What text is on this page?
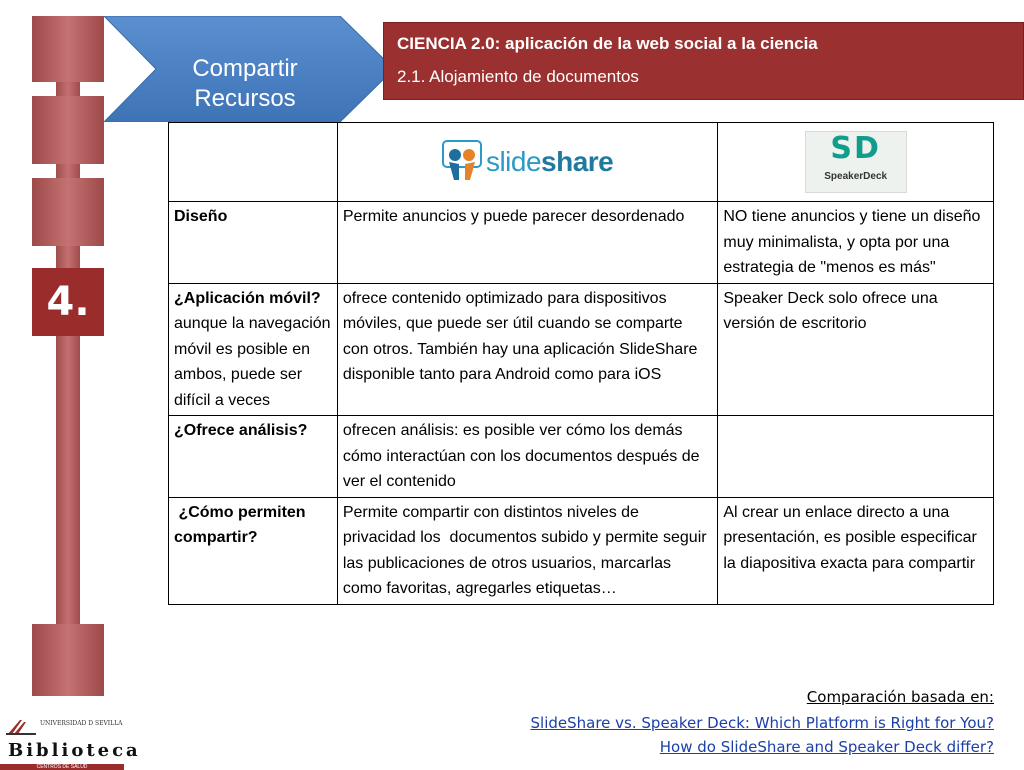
4.
Compartir
Recursos
CIENCIA 2.0: aplicación de la web social a la ciencia
2.1. Alojamiento de documentos

	slideshare	SD
SpeakerDeck

Diseño	Permite anuncios y puede parecer desordenado	NO tiene anuncios y tiene un diseño muy minimalista, y opta por una estrategia de "menos es más"

¿Aplicación móvil?
aunque la navegación móvil es posible en ambos, puede ser difícil a veces	ofrece contenido optimizado para dispositivos móviles, que puede ser útil cuando se comparte con otros. También hay una aplicación SlideShare disponible tanto para Android como para iOS	Speaker Deck solo ofrece una versión de escritorio
¿Ofrece análisis?	ofrecen análisis: es posible ver cómo los demás cómo interactúan con los documentos después de ver el contenido	
¿Cómo permiten compartir?	Permite compartir con distintos niveles de privacidad los  documentos subido y permite seguir las publicaciones de otros usuarios, marcarlas como favoritas, agregarles etiquetas…	Al crear un enlace directo a una presentación, es posible especificar la diapositiva exacta para compartir
Comparación basada en:
SlideShare vs. Speaker Deck: Which Platform is Right for You?
How do SlideShare and Speaker Deck differ?
UNIVERSIDAD D SEVILLA
Biblioteca
CENTROS DE SALUD
